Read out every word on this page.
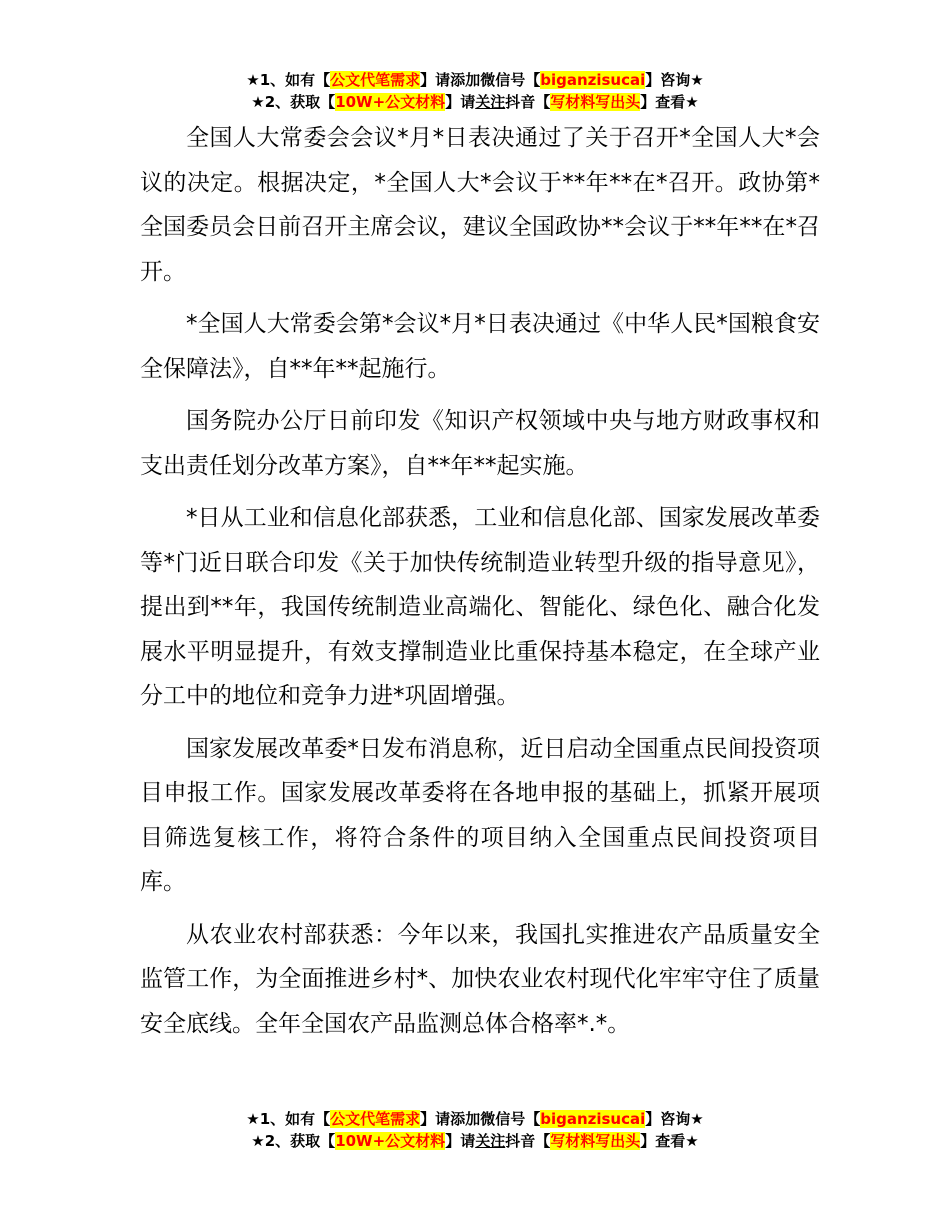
★1、如有【公文代笔需求】请添加微信号【biganzisucai】咨询★
★2、获取【10W+公文材料】请关注抖音【写材料写出头】查看★

全国人大常委会会议*月*日表决通过了关于召开*全国人大*会议的决定。根据决定，*全国人大*会议于**年**在*召开。政协第*全国委员会日前召开主席会议，建议全国政协**会议于**年**在*召开。

*全国人大常委会第*会议*月*日表决通过《中华人民*国粮食安全保障法》，自**年**起施行。

国务院办公厅日前印发《知识产权领域中央与地方财政事权和支出责任划分改革方案》，自**年**起实施。

*日从工业和信息化部获悉，工业和信息化部、国家发展改革委等*门近日联合印发《关于加快传统制造业转型升级的指导意见》，提出到**年，我国传统制造业高端化、智能化、绿色化、融合化发展水平明显提升，有效支撑制造业比重保持基本稳定，在全球产业分工中的地位和竞争力进*巩固增强。

国家发展改革委*日发布消息称，近日启动全国重点民间投资项目申报工作。国家发展改革委将在各地申报的基础上，抓紧开展项目筛选复核工作，将符合条件的项目纳入全国重点民间投资项目库。

从农业农村部获悉：今年以来，我国扎实推进农产品质量安全监管工作，为全面推进乡村*、加快农业农村现代化牢牢守住了质量安全底线。全年全国农产品监测总体合格率*.*。

★1、如有【公文代笔需求】请添加微信号【biganzisucai】咨询★
★2、获取【10W+公文材料】请关注抖音【写材料写出头】查看★
